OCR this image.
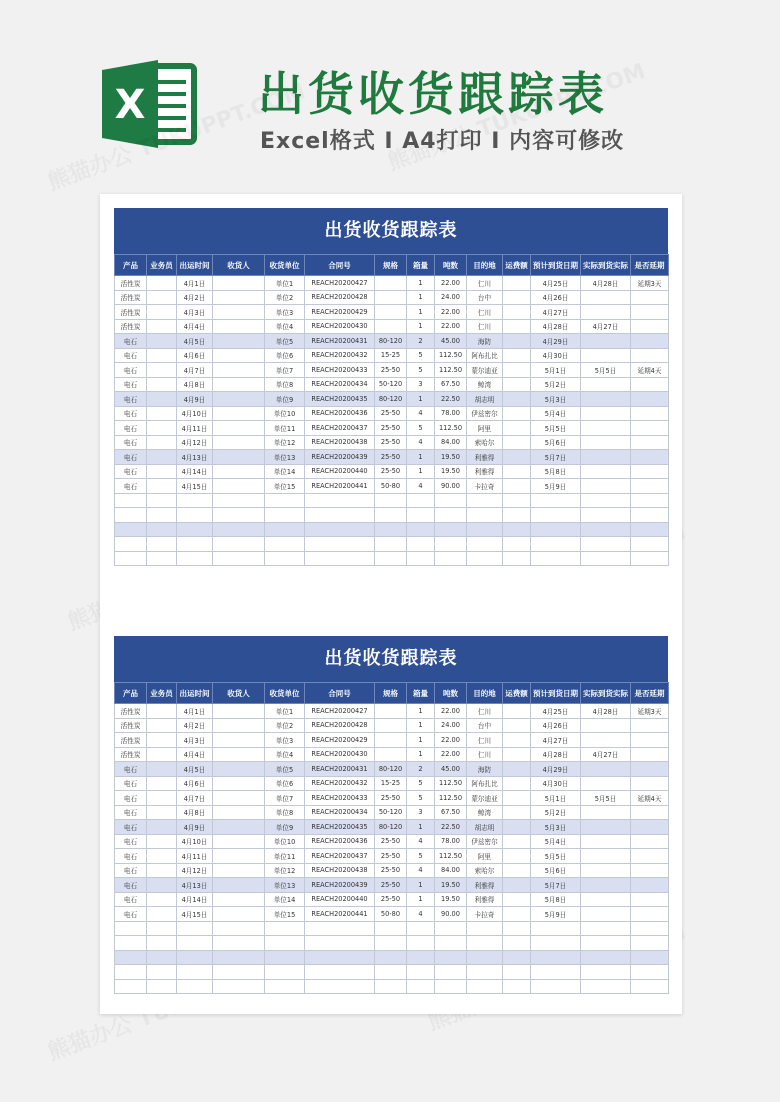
X 出货收货跟踪表
Excel格式 I A4打印 I 内容可修改
出货收货跟踪表
产品	业务员	出运时间	收货人	收货单位	合同号	规格	箱量	吨数	目的地	运费额	预计到货日期	实际到货实际	是否延期
活性炭		4月1日		单位1	REACH20200427		1	22.00	仁川		4月25日	4月28日	延期3天
活性炭		4月2日		单位2	REACH20200428		1	24.00	台中		4月26日		
活性炭		4月3日		单位3	REACH20200429		1	22.00	仁川		4月27日		
活性炭		4月4日		单位4	REACH20200430		1	22.00	仁川		4月28日	4月27日	
电石		4月5日		单位5	REACH20200431	80-120	2	45.00	海防		4月29日		
电石		4月6日		单位6	REACH20200432	15-25	5	112.50	阿布扎比		4月30日		
电石		4月7日		单位7	REACH20200433	25-50	5	112.50	蒙尔迪亚		5月1日	5月5日	延期4天
电石		4月8日		单位8	REACH20200434	50-120	3	67.50	鲸湾		5月2日		
电石		4月9日		单位9	REACH20200435	80-120	1	22.50	胡志明		5月3日		
电石		4月10日		单位10	REACH20200436	25-50	4	78.00	伊兹密尔		5月4日		
电石		4月11日		单位11	REACH20200437	25-50	5	112.50	阿里		5月5日		
电石		4月12日		单位12	REACH20200438	25-50	4	84.00	索哈尔		5月6日		
电石		4月13日		单位13	REACH20200439	25-50	1	19.50	利雅得		5月7日		
电石		4月14日		单位14	REACH20200440	25-50	1	19.50	利雅得		5月8日		
电石		4月15日		单位15	REACH20200441	50-80	4	90.00	卡拉奇		5月9日		

出货收货跟踪表
产品	业务员	出运时间	收货人	收货单位	合同号	规格	箱量	吨数	目的地	运费额	预计到货日期	实际到货实际	是否延期
活性炭		4月1日		单位1	REACH20200427		1	22.00	仁川		4月25日	4月28日	延期3天
活性炭		4月2日		单位2	REACH20200428		1	24.00	台中		4月26日		
活性炭		4月3日		单位3	REACH20200429		1	22.00	仁川		4月27日		
活性炭		4月4日		单位4	REACH20200430		1	22.00	仁川		4月28日	4月27日	
电石		4月5日		单位5	REACH20200431	80-120	2	45.00	海防		4月29日		
电石		4月6日		单位6	REACH20200432	15-25	5	112.50	阿布扎比		4月30日		
电石		4月7日		单位7	REACH20200433	25-50	5	112.50	蒙尔迪亚		5月1日	5月5日	延期4天
电石		4月8日		单位8	REACH20200434	50-120	3	67.50	鲸湾		5月2日		
电石		4月9日		单位9	REACH20200435	80-120	1	22.50	胡志明		5月3日		
电石		4月10日		单位10	REACH20200436	25-50	4	78.00	伊兹密尔		5月4日		
电石		4月11日		单位11	REACH20200437	25-50	5	112.50	阿里		5月5日		
电石		4月12日		单位12	REACH20200438	25-50	4	84.00	索哈尔		5月6日		
电石		4月13日		单位13	REACH20200439	25-50	1	19.50	利雅得		5月7日		
电石		4月14日		单位14	REACH20200440	25-50	1	19.50	利雅得		5月8日		
电石		4月15日		单位15	REACH20200441	50-80	4	90.00	卡拉奇		5月9日		
